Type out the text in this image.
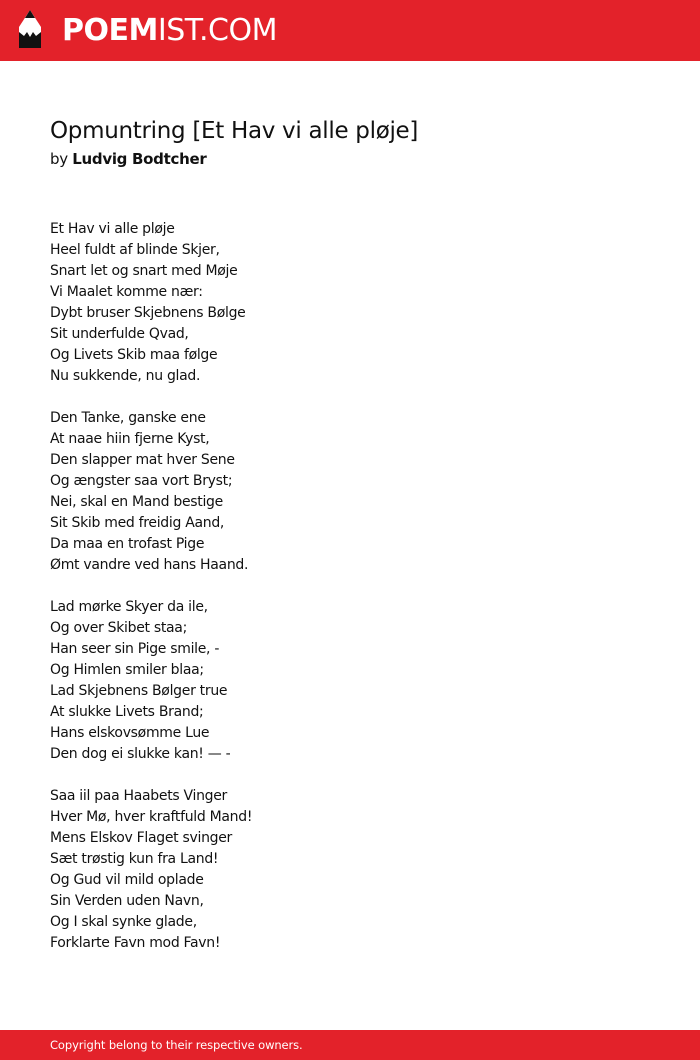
POEMIST.COM
Opmuntring [Et Hav vi alle pløje]
by Ludvig Bodtcher
Et Hav vi alle pløje
Heel fuldt af blinde Skjer,
Snart let og snart med Møje
Vi Maalet komme nær:
Dybt bruser Skjebnens Bølge
Sit underfulde Qvad,
Og Livets Skib maa følge
Nu sukkende, nu glad.
Den Tanke, ganske ene
At naae hiin fjerne Kyst,
Den slapper mat hver Sene
Og ængster saa vort Bryst;
Nei, skal en Mand bestige
Sit Skib med freidig Aand,
Da maa en trofast Pige
Ømt vandre ved hans Haand.
Lad mørke Skyer da ile,
Og over Skibet staa;
Han seer sin Pige smile, -
Og Himlen smiler blaa;
Lad Skjebnens Bølger true
At slukke Livets Brand;
Hans elskovsømme Lue
Den dog ei slukke kan! — -
Saa iil paa Haabets Vinger
Hver Mø, hver kraftfuld Mand!
Mens Elskov Flaget svinger
Sæt trøstig kun fra Land!
Og Gud vil mild oplade
Sin Verden uden Navn,
Og I skal synke glade,
Forklarte Favn mod Favn!
Copyright belong to their respective owners.
